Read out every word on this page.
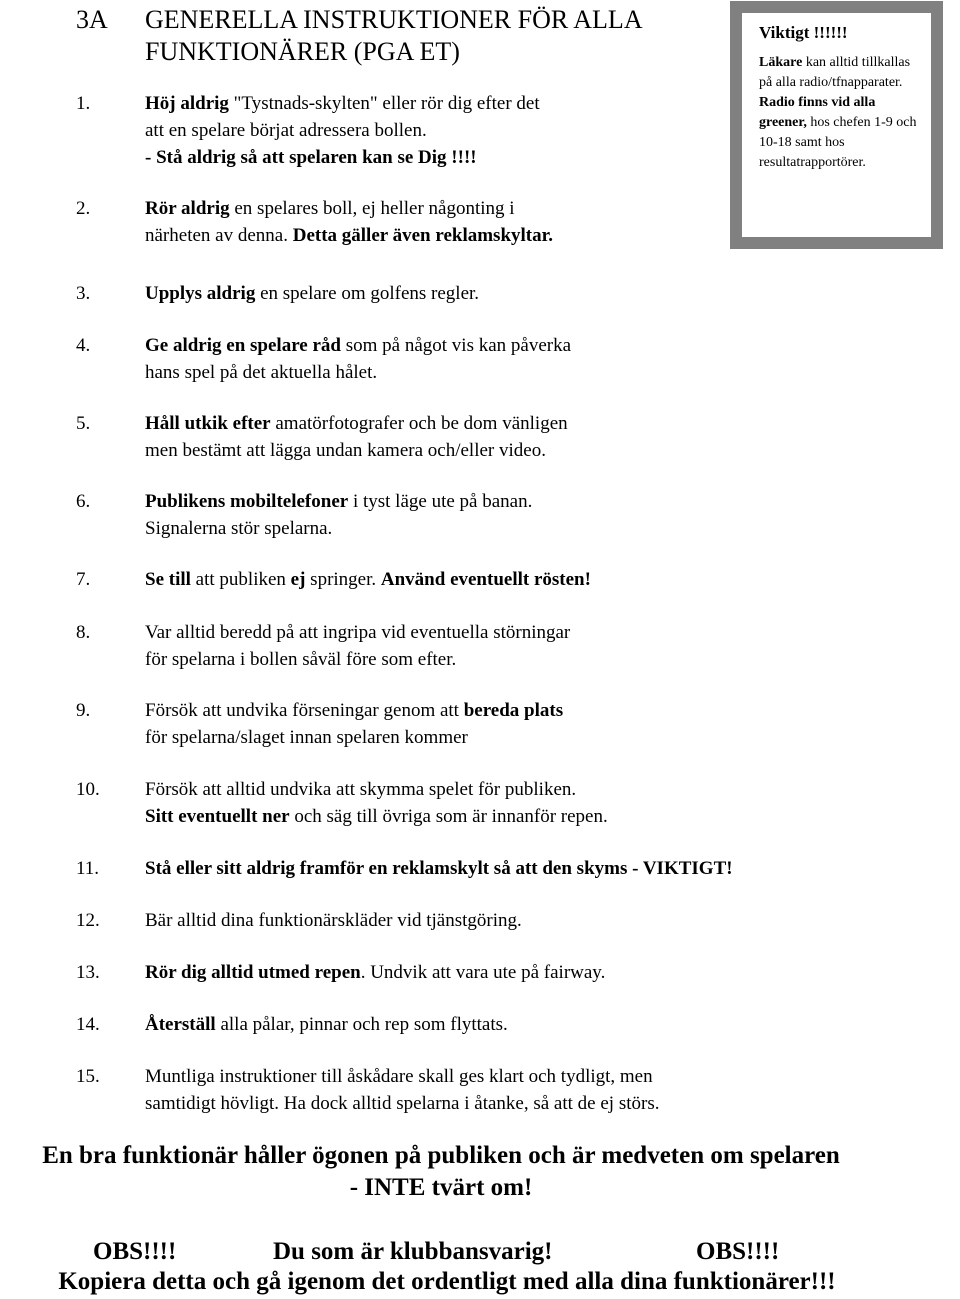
3A GENERELLA INSTRUKTIONER FÖR ALLA
FUNKTIONÄRER (PGA ET)
Viktigt !!!!!!
Läkare kan alltid tillkallas på alla radio/tfnapparater.
Radio finns vid alla greener, hos chefen 1-9 och 10-18 samt hos resultatrapportörer.
1.	Höj aldrig "Tystnads-skylten" eller rör dig efter det
att en spelare börjat adressera bollen.
- Stå aldrig så att spelaren kan se Dig !!!!
2.	Rör aldrig en spelares boll, ej heller någonting i
närheten av denna. Detta gäller även reklamskyltar.
3.	Upplys aldrig en spelare om golfens regler.
4.	Ge aldrig en spelare råd som på något vis kan påverka
hans spel på det aktuella hålet.
5.	Håll utkik efter amatörfotografer och be dom vänligen
men bestämt att lägga undan kamera och/eller video.
6.	Publikens mobiltelefoner i tyst läge ute på banan.
Signalerna stör spelarna.
7.	Se till att publiken ej springer. Använd eventuellt rösten!
8.	Var alltid beredd på att ingripa vid eventuella störningar
för spelarna i bollen såväl före som efter.
9.	Försök att undvika förseningar genom att bereda plats
för spelarna/slaget innan spelaren kommer
10.	Försök att alltid undvika att skymma spelet för publiken.
Sitt eventuellt ner och säg till övriga som är innanför repen.
11.	Stå eller sitt aldrig framför en reklamskylt så att den skyms - VIKTIGT!
12.	Bär alltid dina funktionärskläder vid tjänstgöring.
13.	Rör dig alltid utmed repen. Undvik att vara ute på fairway.
14.	Återställ alla pålar, pinnar och rep som flyttats.
15.	Muntliga instruktioner till åskådare skall ges klart och tydligt, men
samtidigt hövligt. Ha dock alltid spelarna i åtanke, så att de ej störs.
En bra funktionär håller ögonen på publiken och är medveten om spelaren
- INTE tvärt om!
OBS!!!!	Du som är klubbansvarig!	OBS!!!!
Kopiera detta och gå igenom det ordentligt med alla dina funktionärer!!!
